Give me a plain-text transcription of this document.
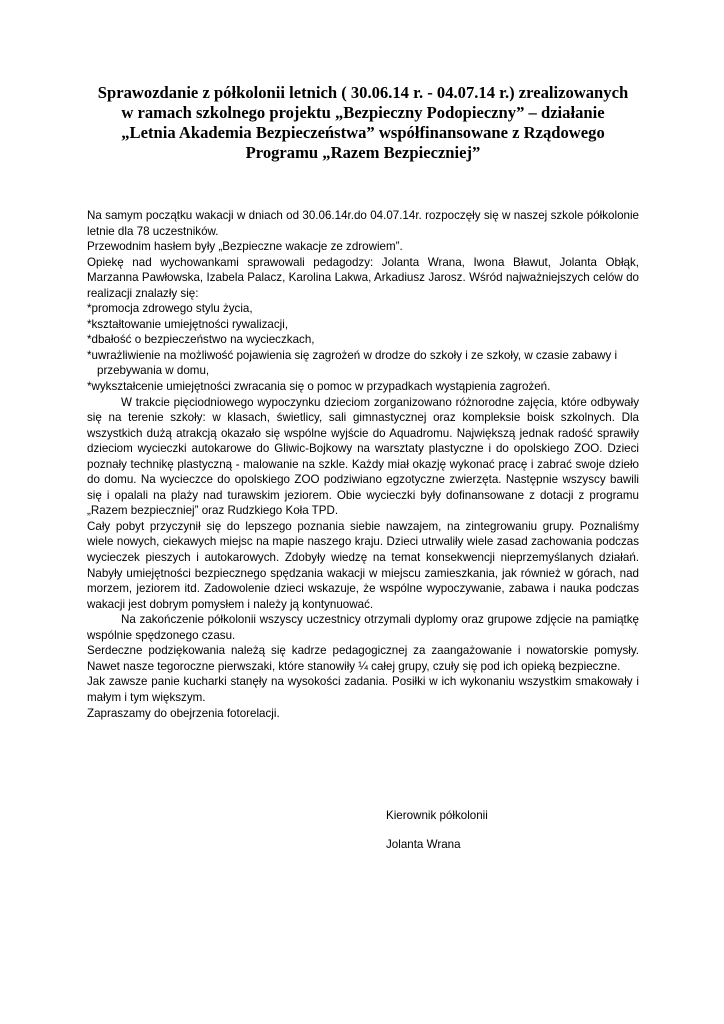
Sprawozdanie z półkolonii letnich ( 30.06.14 r. - 04.07.14 r.) zrealizowanych
w ramach szkolnego projektu „Bezpieczny Podopieczny” – działanie
„Letnia Akademia Bezpieczeństwa” współfinansowane z Rządowego
Programu „Razem Bezpieczniej”

Na samym początku wakacji w dniach od 30.06.14r.do 04.07.14r. rozpoczęły się w naszej szkole półkolonie letnie dla 78 uczestników.

Przewodnim hasłem były „Bezpieczne wakacje ze zdrowiem”.

Opiekę nad wychowankami sprawowali pedagodzy: Jolanta Wrana, Iwona Bławut, Jolanta Obłąk, Marzanna Pawłowska, Izabela Palacz, Karolina Lakwa, Arkadiusz Jarosz. Wśród najważniejszych celów do realizacji znalazły się:

*promocja zdrowego stylu życia,

*kształtowanie umiejętności rywalizacji,

*dbałość o bezpieczeństwo na wycieczkach,

*uwrażliwienie na możliwość pojawienia się zagrożeń w drodze do szkoły i ze szkoły, w czasie zabawy i przebywania w domu,

*wykształcenie umiejętności zwracania się o pomoc w przypadkach wystąpienia zagrożeń.

W trakcie pięciodniowego wypoczynku dzieciom zorganizowano różnorodne zajęcia, które odbywały się na terenie szkoły: w klasach, świetlicy, sali gimnastycznej oraz kompleksie boisk szkolnych. Dla wszystkich dużą atrakcją okazało się wspólne wyjście do Aquadromu. Największą jednak radość sprawiły dzieciom wycieczki autokarowe do Gliwic-Bojkowy na warsztaty plastyczne i do opolskiego ZOO. Dzieci poznały technikę plastyczną - malowanie na szkle. Każdy miał okazję wykonać pracę i zabrać swoje dzieło do domu. Na wycieczce do opolskiego ZOO podziwiano egzotyczne zwierzęta. Następnie wszyscy bawili się i opalali na plaży nad turawskim jeziorem. Obie wycieczki były dofinansowane z dotacji z programu „Razem bezpieczniej” oraz Rudzkiego Koła TPD.

Cały pobyt przyczynił się do lepszego poznania siebie nawzajem, na zintegrowaniu grupy. Poznaliśmy wiele nowych, ciekawych miejsc na mapie naszego kraju. Dzieci utrwaliły wiele zasad zachowania podczas wycieczek pieszych i autokarowych. Zdobyły wiedzę na temat konsekwencji nieprzemyślanych działań. Nabyły umiejętności bezpiecznego spędzania wakacji w miejscu zamieszkania, jak również w górach, nad morzem, jeziorem itd. Zadowolenie dzieci wskazuje, że wspólne wypoczywanie, zabawa i nauka podczas wakacji jest dobrym pomysłem i należy ją kontynuować.

Na zakończenie półkolonii wszyscy uczestnicy otrzymali dyplomy oraz grupowe zdjęcie na pamiątkę wspólnie spędzonego czasu.

Serdeczne podziękowania należą się kadrze pedagogicznej za zaangażowanie i nowatorskie pomysły. Nawet nasze tegoroczne pierwszaki, które stanowiły ¼ całej grupy, czuły się pod ich opieką bezpieczne.

Jak zawsze panie kucharki stanęły na wysokości zadania. Posiłki w ich wykonaniu wszystkim smakowały i małym i tym większym.

Zapraszamy do obejrzenia fotorelacji.

Kierownik półkolonii

Jolanta Wrana
